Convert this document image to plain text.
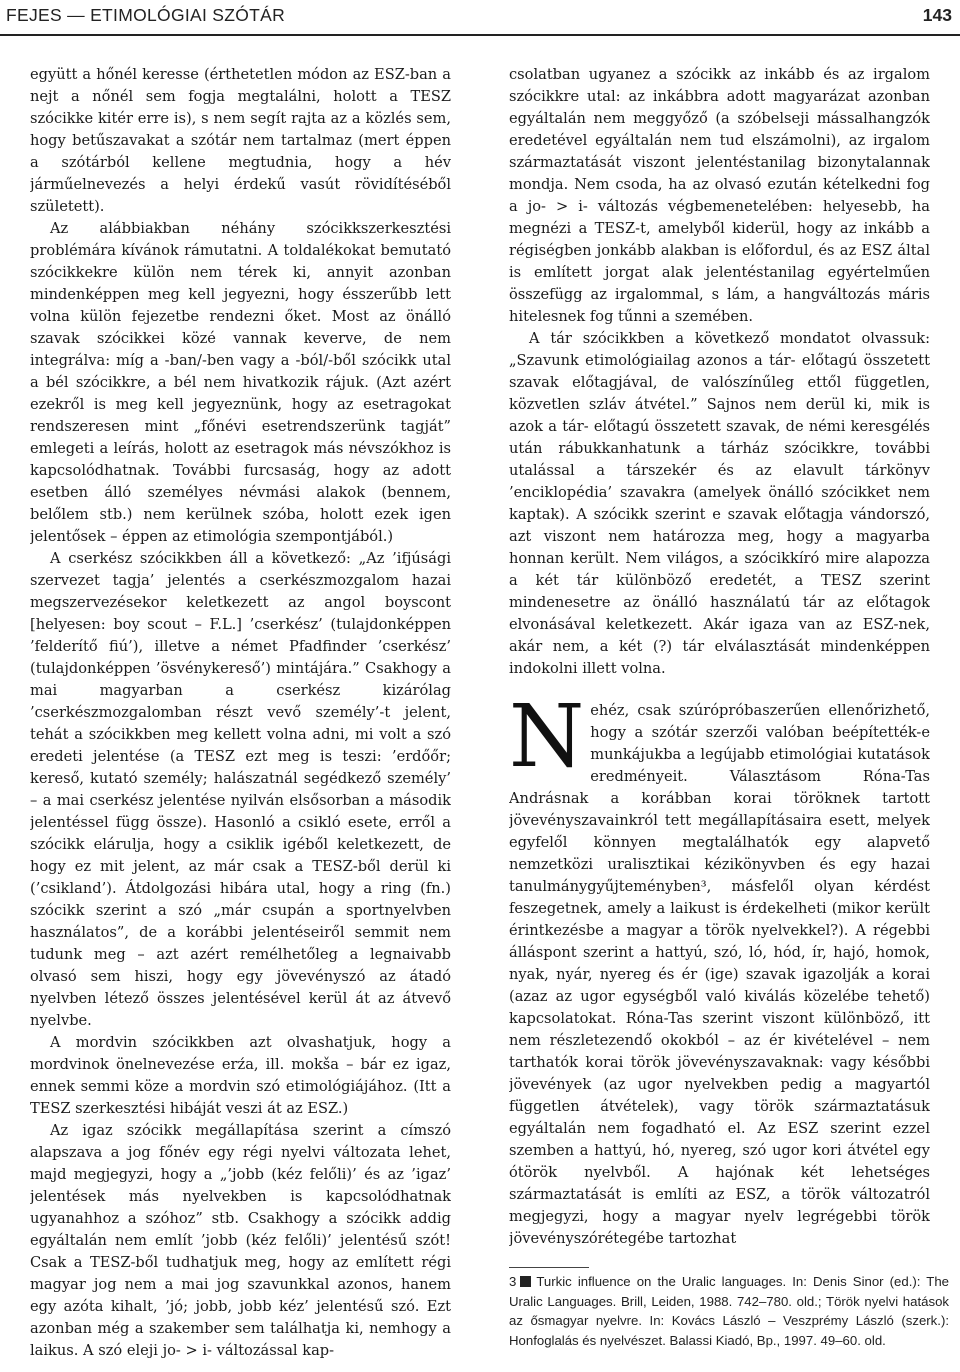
FEJES — ETIMOLÓGIAI SZÓTÁR	143

együtt a hőnél keresse (érthetetlen módon az ESZ-ban a nejt a nőnél sem fogja megtalálni, holott a TESZ szócikke kitér erre is), s nem segít rajta az a közlés sem, hogy betűszavakat a szótár nem tartalmaz (mert éppen a szótárból kellene megtudnia, hogy a hév járműelnevezés a helyi érdekű vasút rövidítéséből született).

Az alábbiakban néhány szócikkszerkesztési problémára kívánok rámutatni. A toldalékokat bemutató szócikkekre külön nem térek ki, annyit azonban mindenképpen meg kell jegyezni, hogy ésszerűbb lett volna külön fejezetbe rendezni őket. Most az önálló szavak szócikkei közé vannak keverve, de nem integrálva: míg a -ban/-ben vagy a -ból/-ből szócikk utal a bél szócikkre, a bél nem hivatkozik rájuk. (Azt azért ezekről is meg kell jegyeznünk, hogy az esetragokat rendszeresen mint „főnévi esetrendszerünk tagját” emlegeti a leírás, holott az esetragok más névszókhoz is kapcsolódhatnak. További furcsaság, hogy az adott esetben álló személyes névmási alakok (bennem, belőlem stb.) nem kerülnek szóba, holott ezek igen jelentősek – éppen az etimológia szempontjából.)

A cserkész szócikkben áll a következő: „Az ’ifjúsági szervezet tagja’ jelentés a cserkészmozgalom hazai megszervezésekor keletkezett az angol boyscont [helyesen: boy scout – F.L.] ’cserkész’ (tulajdonképpen ’felderítő fiú’), illetve a német Pfadfinder ’cserkész’ (tulajdonképpen ’ösvénykereső’) mintájára.” Csakhogy a mai magyarban a cserkész kizárólag ’cserkészmozgalomban részt vevő személy’-t jelent, tehát a szócikkben meg kellett volna adni, mi volt a szó eredeti jelentése (a TESZ ezt meg is teszi: ’erdőőr; kereső, kutató személy; halászatnál segédkező személy’ – a mai cserkész jelentése nyilván elsősorban a második jelentéssel függ össze). Hasonló a csikló esete, erről a szócikk elárulja, hogy a csiklik igéből keletkezett, de hogy ez mit jelent, az már csak a TESZ-ből derül ki (’csikland’). Átdolgozási hibára utal, hogy a ring (fn.) szócikk szerint a szó „már csupán a sportnyelvben használatos”, de a korábbi jelentéseiről semmit nem tudunk meg – azt azért remélhetőleg a legnaivabb olvasó sem hiszi, hogy egy jövevényszó az átadó nyelvben létező összes jelentésével kerül át az átvevő nyelvbe.

A mordvin szócikkben azt olvashatjuk, hogy a mordvinok önelnevezése erźa, ill. mokša – bár ez igaz, ennek semmi köze a mordvin szó etimológiájához. (Itt a TESZ szerkesztési hibáját veszi át az ESZ.)

Az igaz szócikk megállapítása szerint a címszó alapszava a jog főnév egy régi nyelvi változata lehet, majd megjegyzi, hogy a „’jobb (kéz felőli)’ és az ’igaz’ jelentések más nyelvekben is kapcsolódhatnak ugyanahhoz a szóhoz” stb. Csakhogy a szócikk addig egyáltalán nem említ ’jobb (kéz felőli)’ jelentésű szót! Csak a TESZ-ből tudhatjuk meg, hogy az említett régi magyar jog nem a mai jog szavunkkal azonos, hanem egy azóta kihalt, ’jó; jobb, jobb kéz’ jelentésű szó. Ezt azonban még a szakember sem találhatja ki, nemhogy a laikus. A szó eleji jo- > i- változással kap-

csolatban ugyanez a szócikk az inkább és az irgalom szócikkre utal: az inkábbra adott magyarázat azonban egyáltalán nem meggyőző (a szóbelseji mássalhangzók eredetével egyáltalán nem tud elszámolni), az irgalom származtatását viszont jelentéstanilag bizonytalannak mondja. Nem csoda, ha az olvasó ezután kételkedni fog a jo- > i- változás végbemenetelében: helyesebb, ha megnézi a TESZ-t, amelyből kiderül, hogy az inkább a régiségben jonkább alakban is előfordul, és az ESZ által is említett jorgat alak jelentéstanilag egyértelműen összefügg az irgalommal, s lám, a hangváltozás máris hitelesnek fog tűnni a szemében.

A tár szócikkben a következő mondatot olvassuk: „Szavunk etimológiailag azonos a tár- előtagú összetett szavak előtagjával, de valószínűleg ettől független, közvetlen szláv átvétel.” Sajnos nem derül ki, mik is azok a tár- előtagú összetett szavak, de némi keresgélés után rábukkanhatunk a tárház szócikkre, további utalással a társzekér és az elavult tárkönyv ’enciklopédia’ szavakra (amelyek önálló szócikket nem kaptak). A szócikk szerint e szavak előtagja vándorszó, azt viszont nem határozza meg, hogy a magyarba honnan került. Nem világos, a szócikkíró mire alapozza a két tár különböző eredetét, a TESZ szerint mindenesetre az önálló használatú tár az előtagok elvonásával keletkezett. Akár igaza van az ESZ-nek, akár nem, a két (?) tár elválasztását mindenképpen indokolni illett volna.

Nehéz, csak szúrópróbaszerűen ellenőrizhető, hogy a szótár szerzői valóban beépítették-e munkájukba a legújabb etimológiai kutatások eredményeit. Választásom Róna-Tas Andrásnak a korábban korai töröknek tartott jövevényszavainkról tett megállapításaira esett, melyek egyfelől könnyen megtalálhatók egy alapvető nemzetközi uralisztikai kézikönyvben és egy hazai tanulmánygyűjteményben³, másfelől olyan kérdést feszegetnek, amely a laikust is érdekelheti (mikor került érintkezésbe a magyar a török nyelvekkel?). A régebbi álláspont szerint a hattyú, szó, ló, hód, ír, hajó, homok, nyak, nyár, nyereg és ér (ige) szavak igazolják a korai (azaz az ugor egységből való kiválás közelébe tehető) kapcsolatokat. Róna-Tas szerint viszont különböző, itt nem részletezendő okokból – az ér kivételével – nem tarthatók korai török jövevényszavaknak: vagy későbbi jövevények (az ugor nyelvekben pedig a magyartól független átvételek), vagy török származtatásuk egyáltalán nem fogadható el. Az ESZ szerint ezzel szemben a hattyú, hó, nyereg, szó ugor kori átvétel egy ótörök nyelvből. A hajónak két lehetséges származtatását is említi az ESZ, a török változatról megjegyzi, hogy a magyar nyelv legrégebbi török jövevényszórétegébe tartozhat

3 Turkic influence on the Uralic languages. In: Denis Sinor (ed.): The Uralic Languages. Brill, Leiden, 1988. 742–780. old.; Török nyelvi hatások az ősmagyar nyelvre. In: Kovács László – Veszprémy László (szerk.): Honfoglalás és nyelvészet. Balassi Kiadó, Bp., 1997. 49–60. old.
